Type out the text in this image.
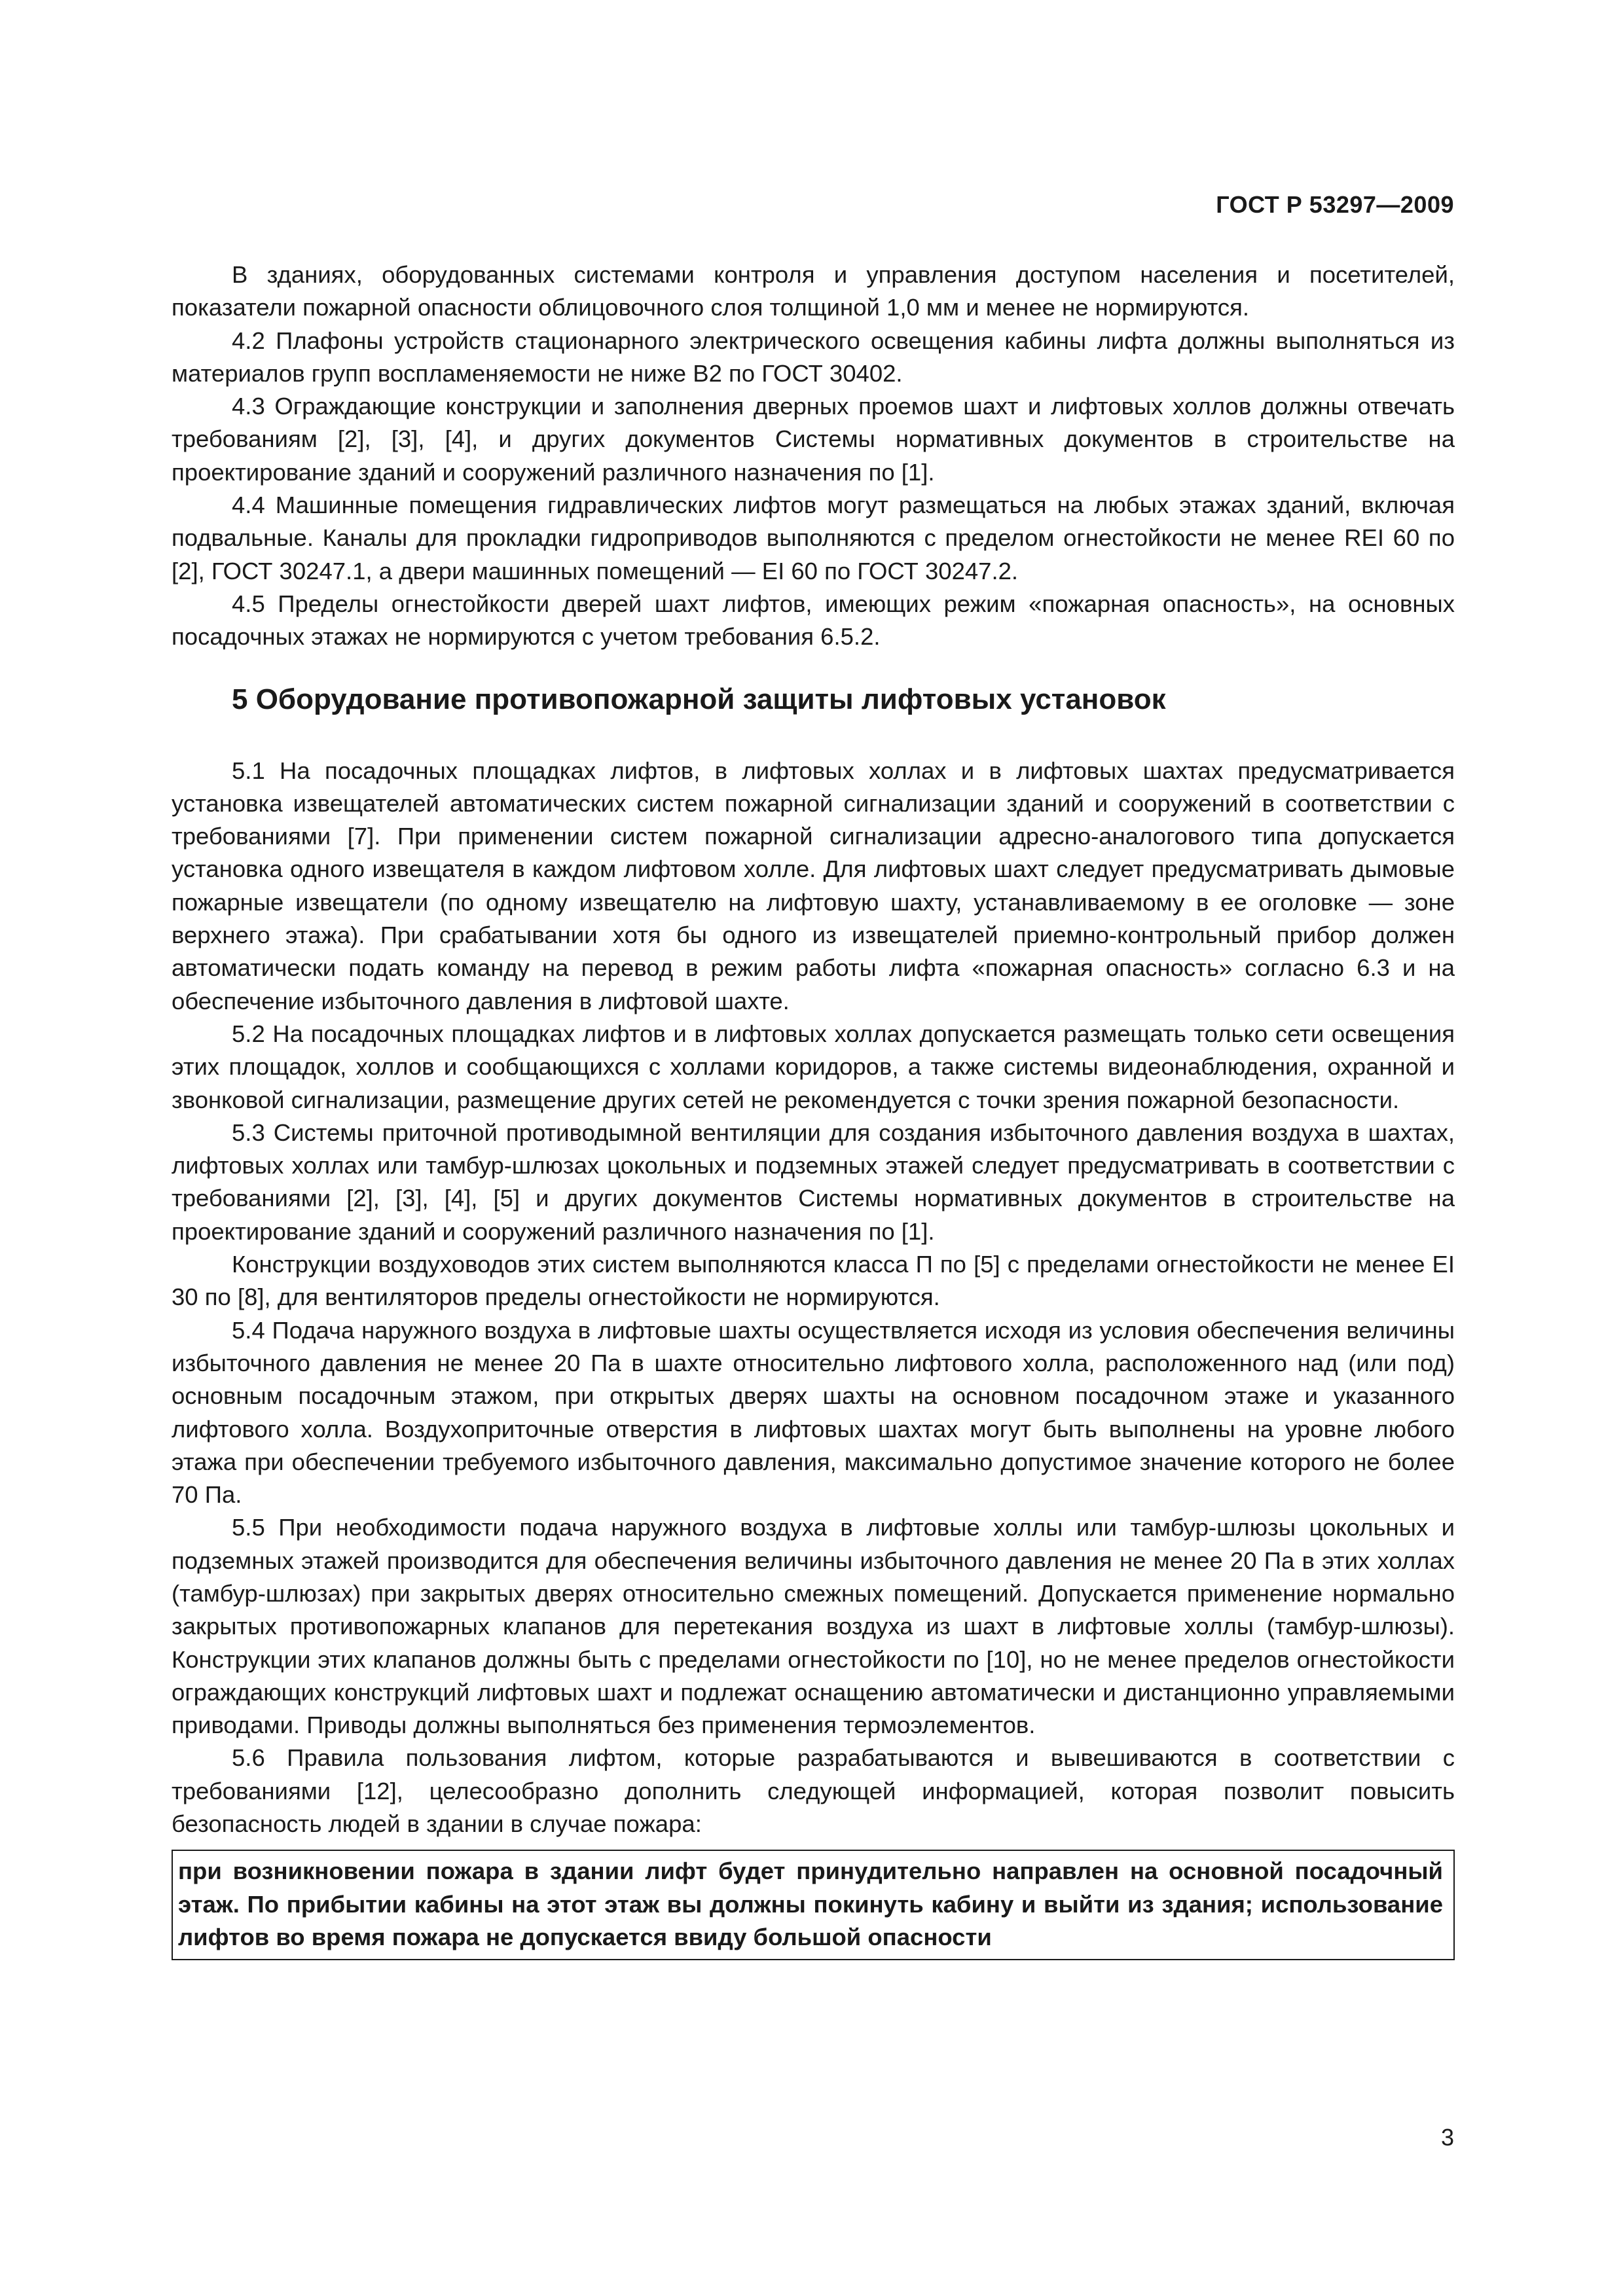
ГОСТ Р 53297—2009

В зданиях, оборудованных системами контроля и управления доступом населения и посетителей, показатели пожарной опасности облицовочного слоя толщиной 1,0 мм и менее не нормируются.

4.2 Плафоны устройств стационарного электрического освещения кабины лифта должны выполняться из материалов групп воспламеняемости не ниже В2 по ГОСТ 30402.

4.3 Ограждающие конструкции и заполнения дверных проемов шахт и лифтовых холлов должны отвечать требованиям [2], [3], [4], и других документов Системы нормативных документов в строительстве на проектирование зданий и сооружений различного назначения по [1].

4.4 Машинные помещения гидравлических лифтов могут размещаться на любых этажах зданий, включая подвальные. Каналы для прокладки гидроприводов выполняются с пределом огнестойкости не менее REI 60 по [2], ГОСТ 30247.1, а двери машинных помещений — EI 60 по ГОСТ 30247.2.

4.5 Пределы огнестойкости дверей шахт лифтов, имеющих режим «пожарная опасность», на основных посадочных этажах не нормируются с учетом требования 6.5.2.

5 Оборудование противопожарной защиты лифтовых установок

5.1 На посадочных площадках лифтов, в лифтовых холлах и в лифтовых шахтах предусматривается установка извещателей автоматических систем пожарной сигнализации зданий и сооружений в соответствии с требованиями [7]. При применении систем пожарной сигнализации адресно-аналогового типа допускается установка одного извещателя в каждом лифтовом холле. Для лифтовых шахт следует предусматривать дымовые пожарные извещатели (по одному извещателю на лифтовую шахту, устанавливаемому в ее оголовке — зоне верхнего этажа). При срабатывании хотя бы одного из извещателей приемно-контрольный прибор должен автоматически подать команду на перевод в режим работы лифта «пожарная опасность» согласно 6.3 и на обеспечение избыточного давления в лифтовой шахте.

5.2 На посадочных площадках лифтов и в лифтовых холлах допускается размещать только сети освещения этих площадок, холлов и сообщающихся с холлами коридоров, а также системы видеонаблюдения, охранной и звонковой сигнализации, размещение других сетей не рекомендуется с точки зрения пожарной безопасности.

5.3 Системы приточной противодымной вентиляции для создания избыточного давления воздуха в шахтах, лифтовых холлах или тамбур-шлюзах цокольных и подземных этажей следует предусматривать в соответствии с требованиями [2], [3], [4], [5] и других документов Системы нормативных документов в строительстве на проектирование зданий и сооружений различного назначения по [1].

Конструкции воздуховодов этих систем выполняются класса П по [5] с пределами огнестойкости не менее EI 30 по [8], для вентиляторов пределы огнестойкости не нормируются.

5.4 Подача наружного воздуха в лифтовые шахты осуществляется исходя из условия обеспечения величины избыточного давления не менее 20 Па в шахте относительно лифтового холла, расположенного над (или под) основным посадочным этажом, при открытых дверях шахты на основном посадочном этаже и указанного лифтового холла. Воздухоприточные отверстия в лифтовых шахтах могут быть выполнены на уровне любого этажа при обеспечении требуемого избыточного давления, максимально допустимое значение которого не более 70 Па.

5.5 При необходимости подача наружного воздуха в лифтовые холлы или тамбур-шлюзы цокольных и подземных этажей производится для обеспечения величины избыточного давления не менее 20 Па в этих холлах (тамбур-шлюзах) при закрытых дверях относительно смежных помещений. Допускается применение нормально закрытых противопожарных клапанов для перетекания воздуха из шахт в лифтовые холлы (тамбур-шлюзы). Конструкции этих клапанов должны быть с пределами огнестойкости по [10], но не менее пределов огнестойкости ограждающих конструкций лифтовых шахт и подлежат оснащению автоматически и дистанционно управляемыми приводами. Приводы должны выполняться без применения термоэлементов.

5.6 Правила пользования лифтом, которые разрабатываются и вывешиваются в соответствии с требованиями [12], целесообразно дополнить следующей информацией, которая позволит повысить безопасность людей в здании в случае пожара:

при возникновении пожара в здании лифт будет принудительно направлен на основной посадочный этаж. По прибытии кабины на этот этаж вы должны покинуть кабину и выйти из здания; использование лифтов во время пожара не допускается ввиду большой опасности
3
